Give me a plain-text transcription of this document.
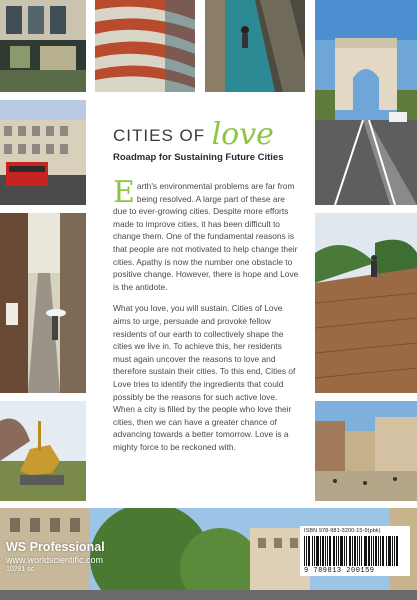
CITIES OF love
Roadmap for Sustaining Future Cities

E arth's environmental problems are far from being resolved. A large part of these are due to ever-growing cities. Despite more efforts made to improve cities, it has been difficult to change them. One of the fundamental reasons is that people are not motivated to help change their cities. Apathy is now the number one obstacle to positive change. However, there is hope and Love is the antidote.

What you love, you will sustain. Cities of Love aims to urge, persuade and provoke fellow residents of our earth to collectively shape the cities we live in. To achieve this, her residents must again uncover the reasons to love and therefore sustain their cities. To this end, Cities of Love tries to identify the ingredients that could possibly be the reasons for such active love. When a city is filled by the people who love their cities, then we can have a greater chance of advancing towards a better tomorrow. Love is a mighty force to be reckoned with.

WS Professional
www.worldscientific.com
10281 sc
ISBN 978-981-3200-15-9(pbk)
9 789813 200159
